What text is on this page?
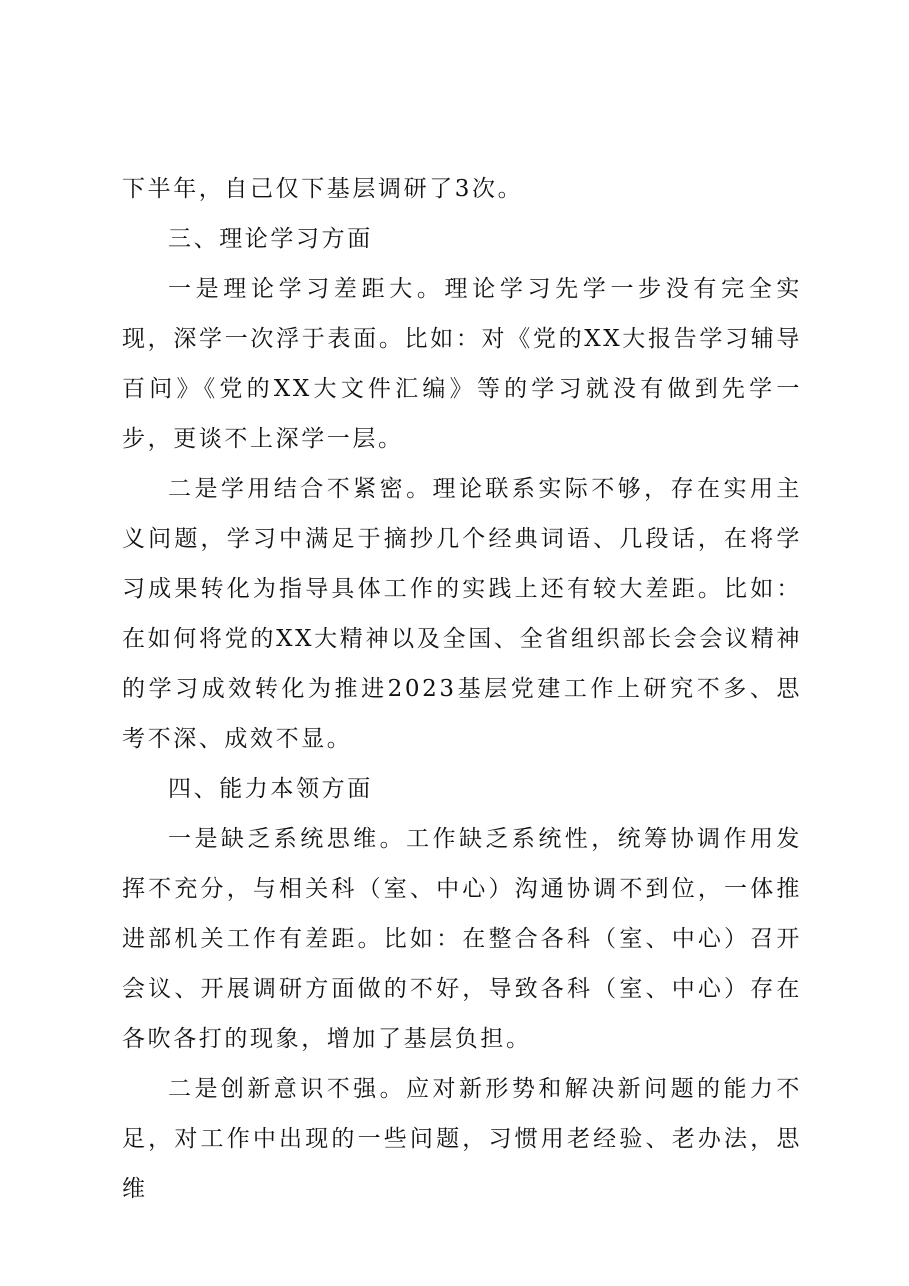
下半年，自己仅下基层调研了3次。

三、理论学习方面

一是理论学习差距大。理论学习先学一步没有完全实现，深学一次浮于表面。比如：对《党的XX大报告学习辅导百问》《党的XX大文件汇编》等的学习就没有做到先学一步，更谈不上深学一层。

二是学用结合不紧密。理论联系实际不够，存在实用主义问题，学习中满足于摘抄几个经典词语、几段话，在将学习成果转化为指导具体工作的实践上还有较大差距。比如：在如何将党的XX大精神以及全国、全省组织部长会会议精神的学习成效转化为推进2023基层党建工作上研究不多、思考不深、成效不显。

四、能力本领方面

一是缺乏系统思维。工作缺乏系统性，统筹协调作用发挥不充分，与相关科（室、中心）沟通协调不到位，一体推进部机关工作有差距。比如：在整合各科（室、中心）召开会议、开展调研方面做的不好，导致各科（室、中心）存在各吹各打的现象，增加了基层负担。

二是创新意识不强。应对新形势和解决新问题的能力不足，对工作中出现的一些问题，习惯用老经验、老办法，思维
